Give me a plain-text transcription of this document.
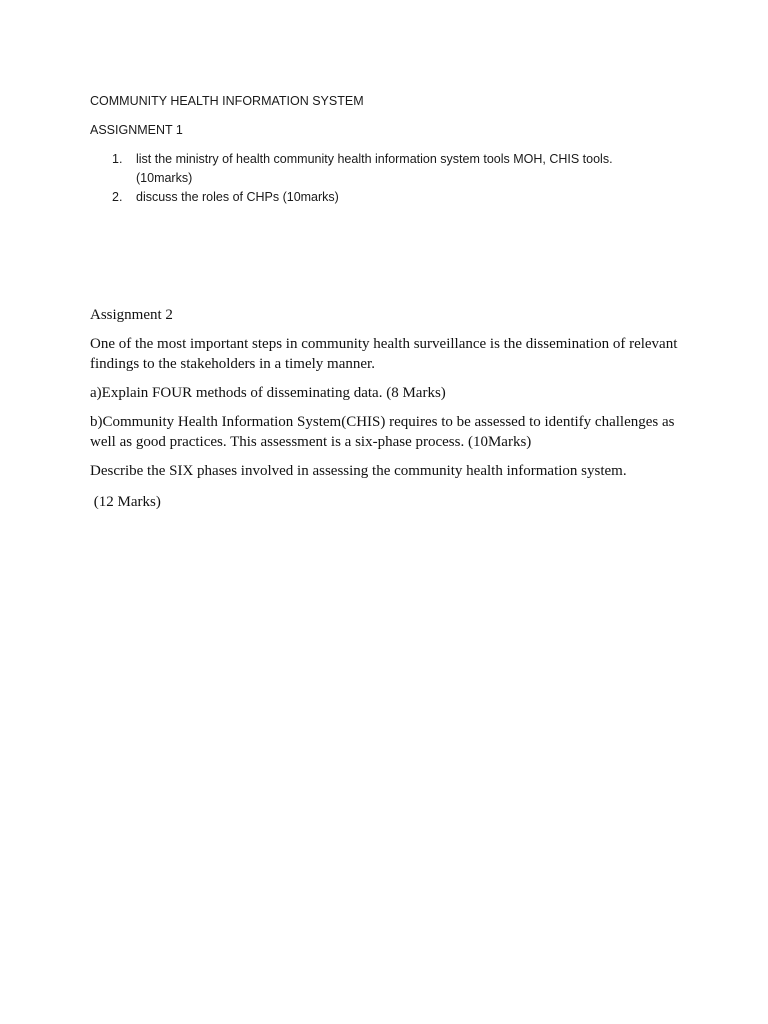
COMMUNITY HEALTH INFORMATION SYSTEM
ASSIGNMENT 1
1. list the ministry of health community health information system tools MOH, CHIS tools.
(10marks)
2. discuss the roles of CHPs (10marks)
Assignment 2
One of the most important steps in community health surveillance is the dissemination of relevant findings to the stakeholders in a timely manner.
a)Explain FOUR methods of disseminating data. (8 Marks)
b)Community Health Information System(CHIS) requires to be assessed to identify challenges as well as good practices. This assessment is a six-phase process. (10Marks)
Describe the SIX phases involved in assessing the community health information system.
(12 Marks)
